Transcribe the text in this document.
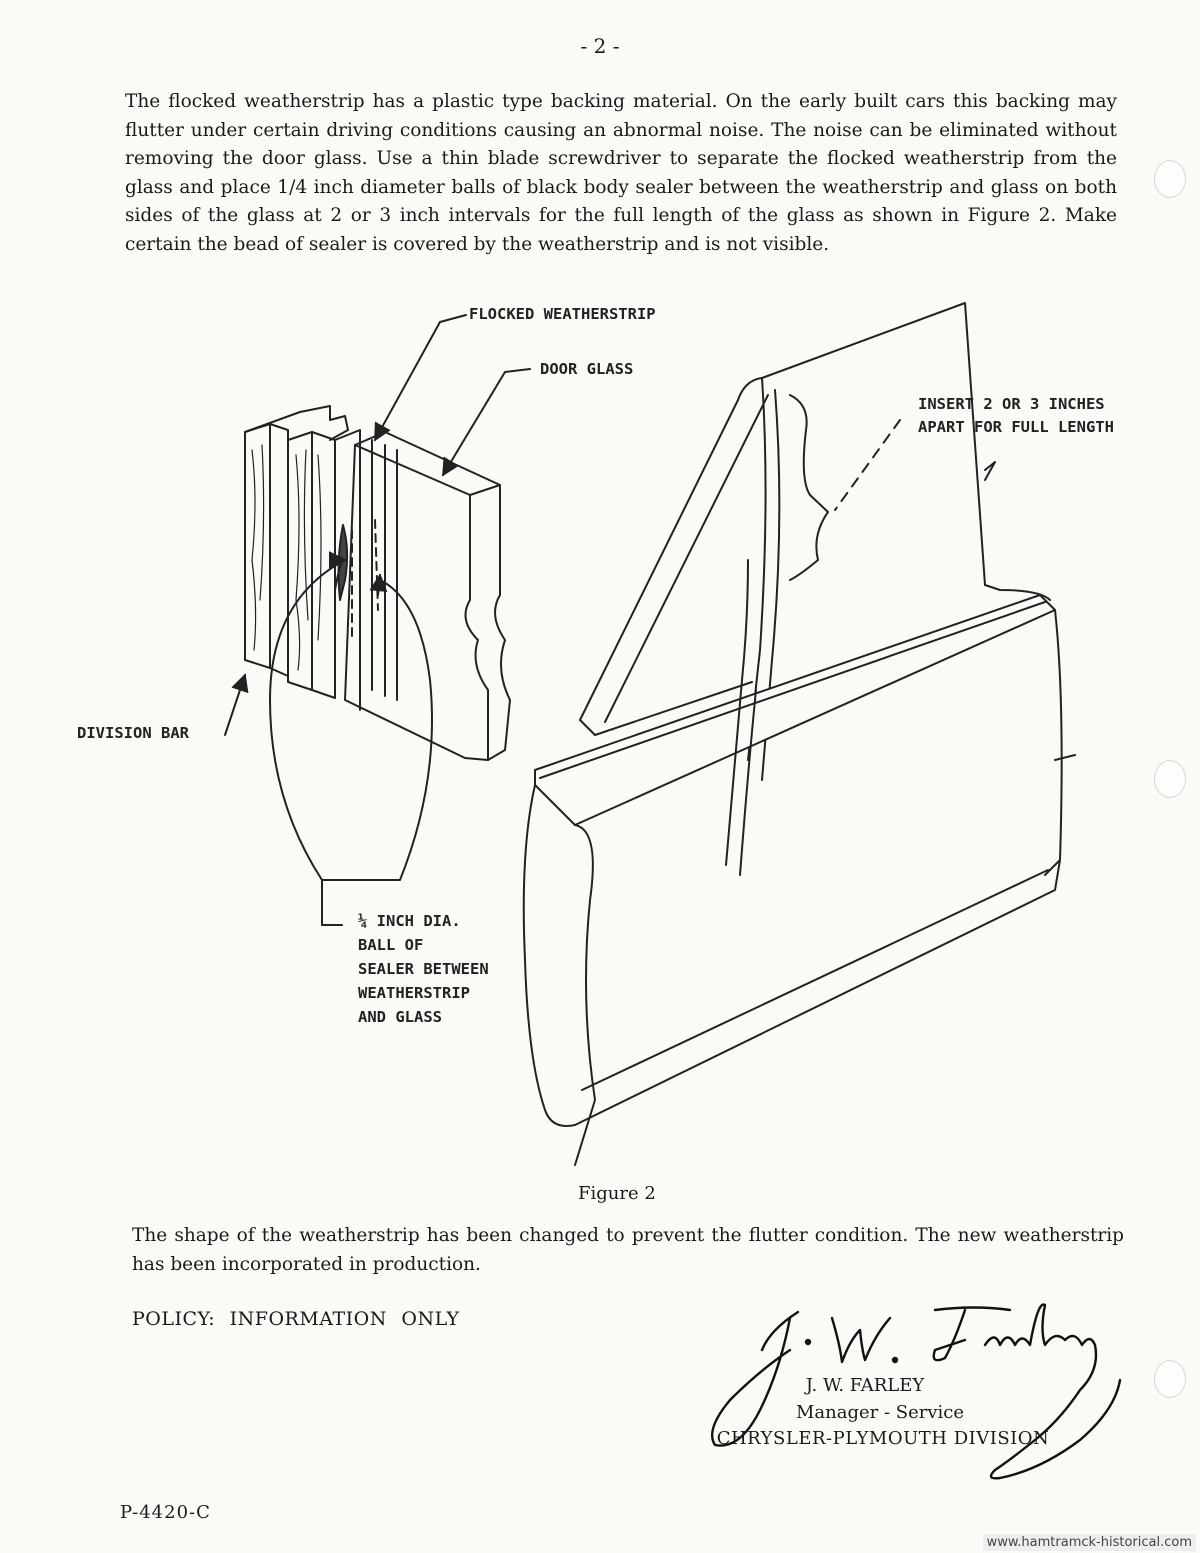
- 2 -
The flocked weatherstrip has a plastic type backing material. On the early built cars this backing may flutter under certain driving conditions causing an abnormal noise. The noise can be eliminated without removing the door glass. Use a thin blade screwdriver to separate the flocked weatherstrip from the glass and place 1/4 inch diameter balls of black body sealer between the weatherstrip and glass on both sides of the glass at 2 or 3 inch intervals for the full length of the glass as shown in Figure 2. Make certain the bead of sealer is covered by the weatherstrip and is not visible.
FLOCKED WEATHERSTRIP
DOOR GLASS
INSERT 2 OR 3 INCHES
APART FOR FULL LENGTH
DIVISION BAR
¼ INCH DIA.
BALL OF
SEALER BETWEEN
WEATHERSTRIP
AND GLASS
Figure 2
The shape of the weatherstrip has been changed to prevent the flutter condition. The new weatherstrip has been incorporated in production.
POLICY: INFORMATION ONLY
J. W. FARLEY
Manager - Service
CHRYSLER-PLYMOUTH DIVISION
P-4420-C
www.hamtramck-historical.com
